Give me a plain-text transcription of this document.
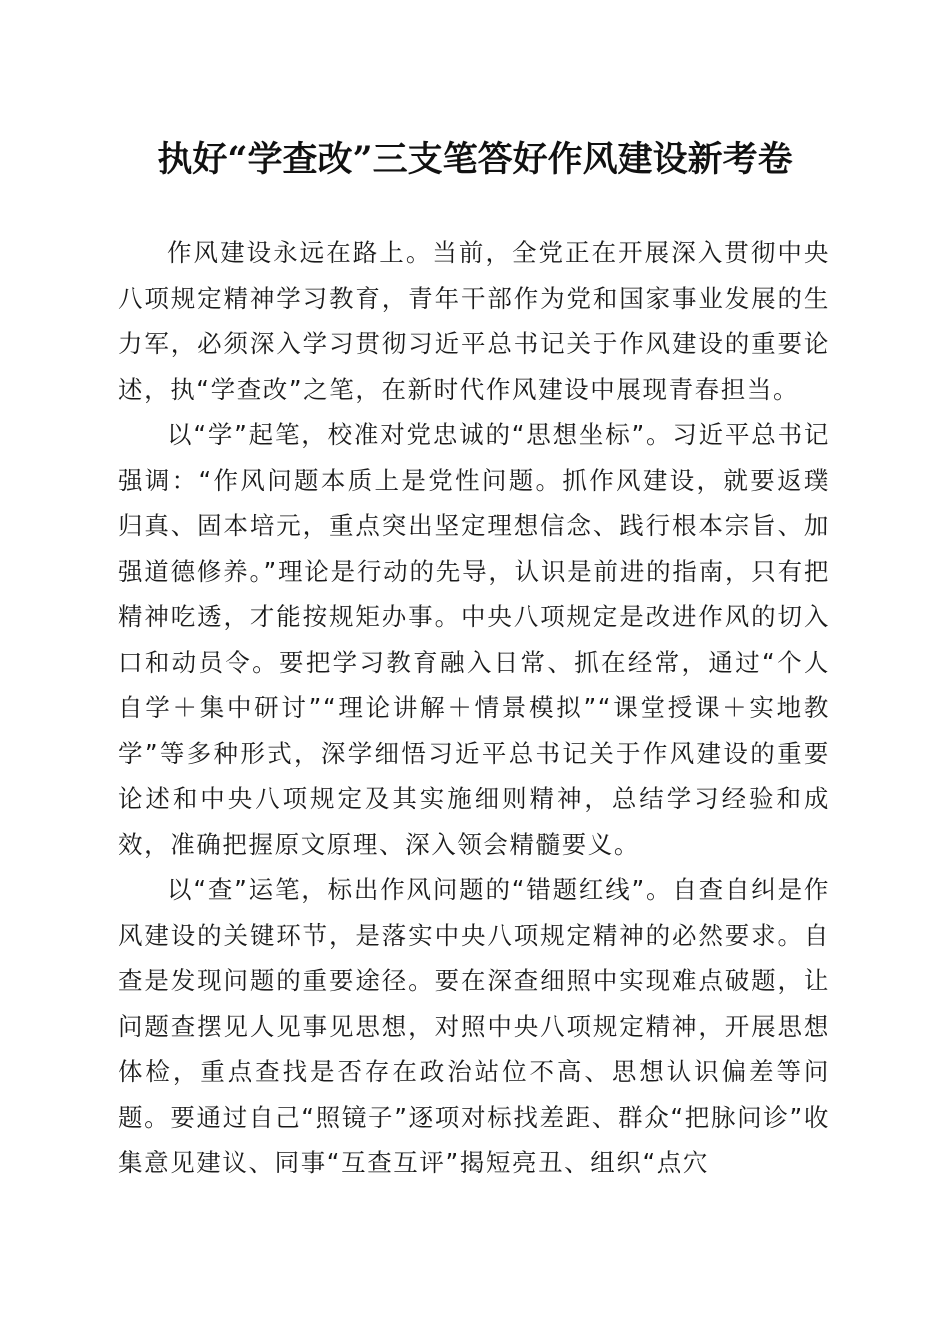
执好“学查改”三支笔答好作风建设新考卷

作风建设永远在路上。当前，全党正在开展深入贯彻中央八项规定精神学习教育，青年干部作为党和国家事业发展的生力军，必须深入学习贯彻习近平总书记关于作风建设的重要论述，执“学查改”之笔，在新时代作风建设中展现青春担当。

以“学”起笔，校准对党忠诚的“思想坐标”。习近平总书记强调：“作风问题本质上是党性问题。抓作风建设，就要返璞归真、固本培元，重点突出坚定理想信念、践行根本宗旨、加强道德修养。”理论是行动的先导，认识是前进的指南，只有把精神吃透，才能按规矩办事。中央八项规定是改进作风的切入口和动员令。要把学习教育融入日常、抓在经常，通过“个人自学＋集中研讨”“理论讲解＋情景模拟”“课堂授课＋实地教学”等多种形式，深学细悟习近平总书记关于作风建设的重要论述和中央八项规定及其实施细则精神，总结学习经验和成效，准确把握原文原理、深入领会精髓要义。

以“查”运笔，标出作风问题的“错题红线”。自查自纠是作风建设的关键环节，是落实中央八项规定精神的必然要求。自查是发现问题的重要途径。要在深查细照中实现难点破题，让问题查摆见人见事见思想，对照中央八项规定精神，开展思想体检，重点查找是否存在政治站位不高、思想认识偏差等问题。要通过自己“照镜子”逐项对标找差距、群众“把脉问诊”收集意见建议、同事“互查互评”揭短亮丑、组织“点穴
